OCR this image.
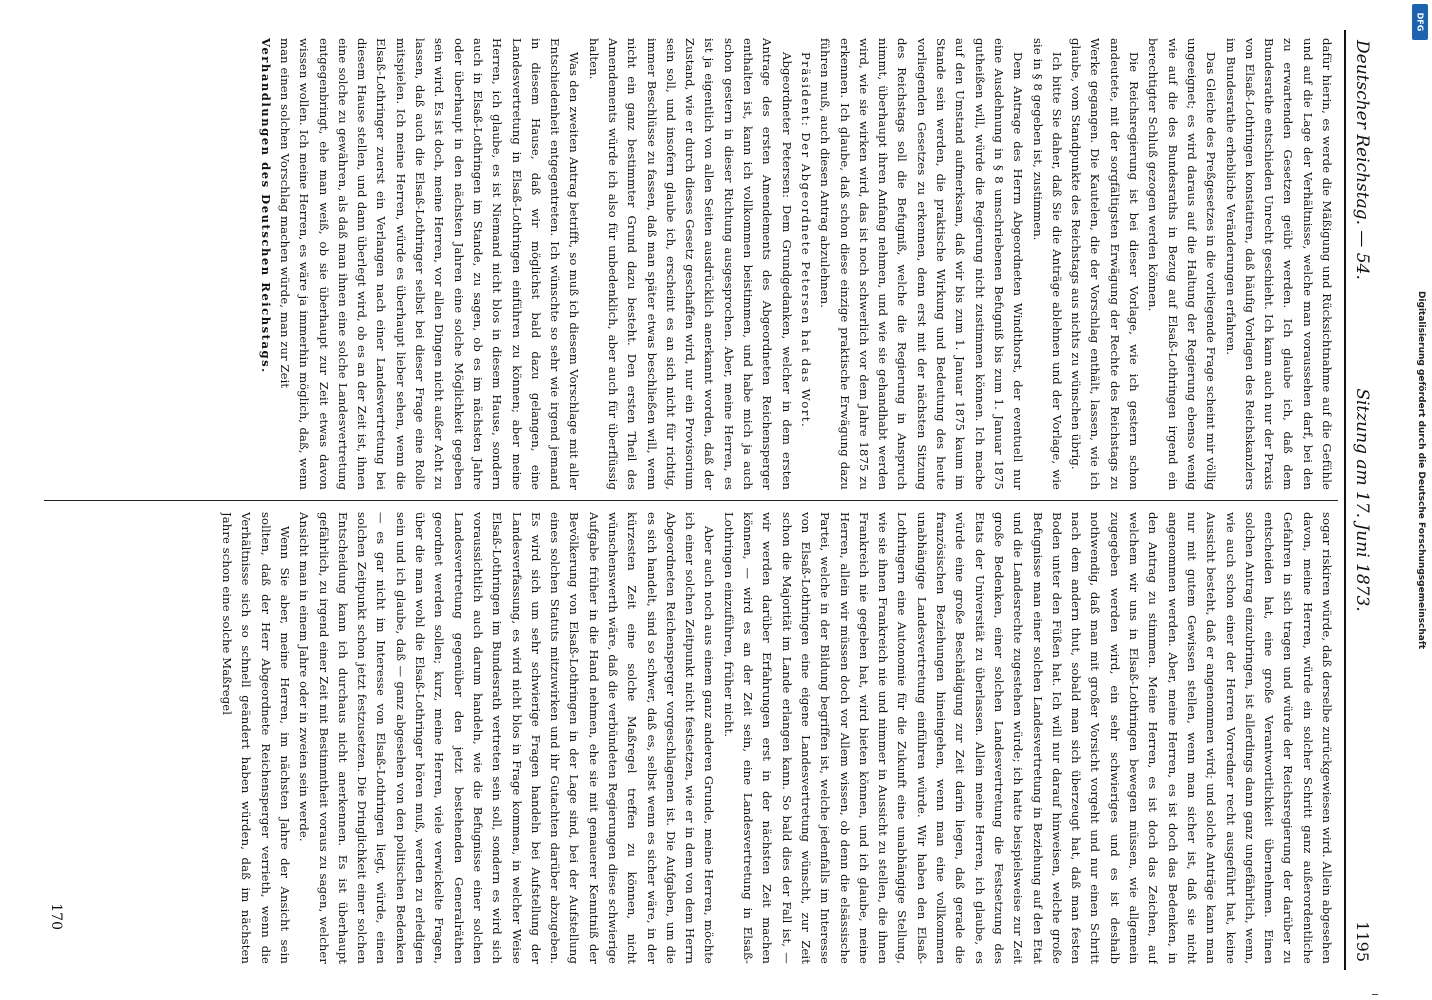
Deutscher Reichstag. — 54.
Sitzung am 17. Juni 1873.
1195

dafür hierin, es werde die Mäßigung und Rücksichtnahme auf die Gefühle und auf die Lage der Verhältnisse, welche man voraussehen darf, bei den zu erwartenden Gesetzen geübt werden. Ich glaube ich, daß dem Bundesrathe entschieden Unrecht geschieht. Ich kann auch nur der Praxis von Elsaß-Lothringen konstatiren, daß häufig Vorlagen des Reichskanzlers im Bundesrathe erhebliche Veränderungen erfahren.

Das Gleiche des Preßgesetzes in die vorliegende Frage scheint mir völlig ungeeignet; es wird daraus auf die Haltung der Regierung ebenso wenig wie auf die des Bundesraths in Bezug auf Elsaß-Lothringen irgend ein berechtigter Schluß gezogen werden können.

Die Reichsregierung ist bei dieser Vorlage, wie ich gestern schon andeutete, mit der sorgfältigsten Erwägung der Rechte des Reichstags zu Werke gegangen. Die Kautelen, die der Vorschlag enthält, lassen, wie ich glaube, vom Standpunkte des Reichstags aus nichts zu wünschen übrig.

Ich bitte Sie daher, daß Sie die Anträge ablehnen und der Vorlage, wie sie in § 8 gegeben ist, zustimmen.

Dem Antrage des Herrn Abgeordneten Windthorst, der eventuell nur eine Ausdehnung in § 8 umschriebenen Befugniß bis zum 1. Januar 1875 gutheißen will, würde die Regierung nicht zustimmen können. Ich mache auf den Umstand aufmerksam, daß wir bis zum 1. Januar 1875 kaum im Stande sein werden, die praktische Wirkung und Bedeutung des heute vorliegenden Gesetzes zu erkennen, denn erst mit der nächsten Sitzung des Reichstags soll die Befugniß, welche die Regierung in Anspruch nimmt, überhaupt ihren Anfang nehmen, und wie sie gehandhabt werden wird, wie sie wirken wird, das ist noch schwerlich vor dem Jahre 1875 zu erkennen. Ich glaube, daß schon diese einzige praktische Erwägung dazu führen muß, auch diesen Antrag abzulehnen.

Präsident: Der Abgeordnete Petersen hat das Wort.

Abgeordneter Petersen: Dem Grundgedanken, welcher in dem ersten Antrage des ersten Amendements des Abgeordneten Reichensperger enthalten ist, kann ich vollkommen beistimmen, und habe mich ja auch schon gestern in dieser Richtung ausgesprochen. Aber, meine Herren, es ist ja eigentlich von allen Seiten ausdrücklich anerkannt worden, daß der Zustand, wie er durch dieses Gesetz geschaffen wird, nur ein Provisorium sein soll, und insofern glaube ich, erscheint es an sich nicht für richtig, immer Beschlüsse zu fassen, daß man später etwas beschließen will, wenn nicht ein ganz bestimmter Grund dazu besteht. Den ersten Theil des Amendements würde ich also für unbedenklich, aber auch für überflüssig halten.

Was den zweiten Antrag betrifft, so muß ich diesem Vorschlage mit aller Entschiedenheit entgegentreten. Ich wünschte so sehr wie irgend jemand in diesem Hause, daß wir möglichst bald dazu gelangen, eine Landesvertretung in Elsaß-Lothringen einführen zu können; aber meine Herren, ich glaube, es ist Niemand nicht blos in diesem Hause, sondern auch in Elsaß-Lothringen im Stande, zu sagen, ob es im nächsten Jahre oder überhaupt in den nächsten Jahren eine solche Möglichkeit gegeben sein wird. Es ist doch, meine Herren, vor allen Dingen nicht außer Acht zu lassen, daß auch die Elsaß-Lothringer selbst bei dieser Frage eine Rolle mitspielen. Ich meine Herren, würde es überhaupt lieber sehen, wenn die Elsaß-Lothringer zuerst ein Verlangen nach einer Landesvertretung bei diesem Hause stellen, und dann überlegt wird, ob es an der Zeit ist, ihnen eine solche zu gewähren, als daß man ihnen eine solche Landesvertretung entgegenbringt, ehe man weiß, ob sie überhaupt zur Zeit etwas davon wissen wollen. Ich meine Herren, es wäre ja immerhin möglich, daß, wenn man einen solchen Vorschlag machen würde, man zur Zeit

Verhandlungen des Deutschen Reichstags.

sogar riskiren würde, daß derselbe zurückgewiesen wird. Allein abgesehen davon, meine Herren, würde ein solcher Schritt ganz außerordentliche Gefahren in sich tragen und würde der Reichsregierung der darüber zu entscheiden hat, eine große Verantwortlichkeit übernehmen. Einen solchen Antrag einzubringen, ist allerdings dann ganz ungefährlich, wenn, wie auch schon einer der Herren Vorredner recht ausgeführt hat, keine Aussicht besteht, daß er angenommen wird; und solche Anträge kann man nur mit gutem Gewissen stellen, wenn man sicher ist, daß sie nicht angenommen werden. Aber, meine Herren, es ist doch das Bedenken, in den Antrag zu stimmen. Meine Herren, es ist doch das Zeichen, auf welchem wir uns in Elsaß-Lothringen bewegen müssen, wie allgemein zugegeben werden wird, ein sehr schwieriges und es ist deshalb nothwendig, daß man mit großer Vorsicht vorgeht und nur einen Schritt nach dem andern thut, sobald man sich überzeugt hat, daß man festen Boden unter den Füßen hat. Ich will nur darauf hinweisen, welche große Befugnisse man einer solchen Landesvertretung in Beziehung auf den Etat und die Landesrechte zugestehen würde; ich hatte beispielsweise zur Zeit große Bedenken, einer solchen Landesvertretung die Festsetzung des Etats der Universität zu überlassen. Allein meine Herren, ich glaube, es würde eine große Beschädigung zur Zeit darin liegen, daß gerade die französischen Beziehungen hineingehen, wenn man eine vollkommen unabhängige Landesvertretung einführen würde. Wir haben den Elsaß-Lothringern eine Autonomie für die Zukunft eine unabhängige Stellung, wie sie ihnen Frankreich nie und nimmer in Aussicht zu stellen, die ihnen Frankreich nie gegeben hat, wird bieten können, und ich glaube, meine Herren, allein wir müssen doch vor Allem wissen, ob denn die elsässische Partei, welche in der Bildung begriffen ist, welche jedenfalls im Interesse von Elsaß-Lothringen eine eigene Landesvertretung wünscht, zur Zeit schon die Majorität im Lande erlangen kann. So bald dies der Fall ist, — wir werden darüber Erfahrungen erst in der nächsten Zeit machen können, — wird es an der Zeit sein, eine Landesvertretung in Elsaß-Lothringen einzuführen, früher nicht.

Aber auch noch aus einem ganz anderen Grunde, meine Herren, möchte ich einer solchen Zeitpunkt nicht festsetzen, wie er in dem von dem Herrn Abgeordneten Reichensperger vorgeschlagenen ist. Die Aufgaben, um die es sich handelt, sind so schwer, daß es, selbst wenn es sicher wäre, in der kürzesten Zeit eine solche Maßregel treffen zu können, nicht wünschenswerth wäre, daß die verbündeten Regierungen diese schwierige Aufgabe früher in die Hand nehmen, ehe sie mit genauerer Kenntniß der Bevölkerung von Elsaß-Lothringen in der Lage sind, bei der Aufstellung eines solchen Statuts mitzuwirken und ihr Gutachten darüber abzugeben. Es wird sich um sehr schwierige Fragen handeln bei Aufstellung der Landesverfassung, es wird nicht blos in Frage kommen, in welcher Weise Elsaß-Lothringen im Bundesrath vertreten sein soll, sondern es wird sich voraussichtlich auch darum handeln, wie die Befugnisse einer solchen Landesvertretung gegenüber den jetzt bestehenden Generalräthen geordnet werden sollen; kurz, meine Herren, viele verwickelte Fragen, über die man wohl die Elsaß-Lothringer hören muß, werden zu erledigen sein und ich glaube, daß — ganz abgesehen von den politischen Bedenken — es gar nicht im Interesse von Elsaß-Lothringen liegt, würde, einen solchen Zeitpunkt schon jetzt festzusetzen. Die Dringlichkeit einer solchen Entscheidung kann ich durchaus nicht anerkennen. Es ist überhaupt gefährlich, zu irgend einer Zeit mit Bestimmtheit voraus zu sagen, welcher Ansicht man in einem Jahre oder in zweien sein werde.

Wenn Sie aber, meine Herren, im nächsten Jahre der Ansicht sein sollten, daß der Herr Abgeordnete Reichensperger verrieth, wenn die Verhältnisse sich so schnell geändert haben würden, daß im nächsten Jahre schon eine solche Maßregel

170
DFG
Digitalisierung gefördert durch die Deutsche Forschungsgemeinschaft
